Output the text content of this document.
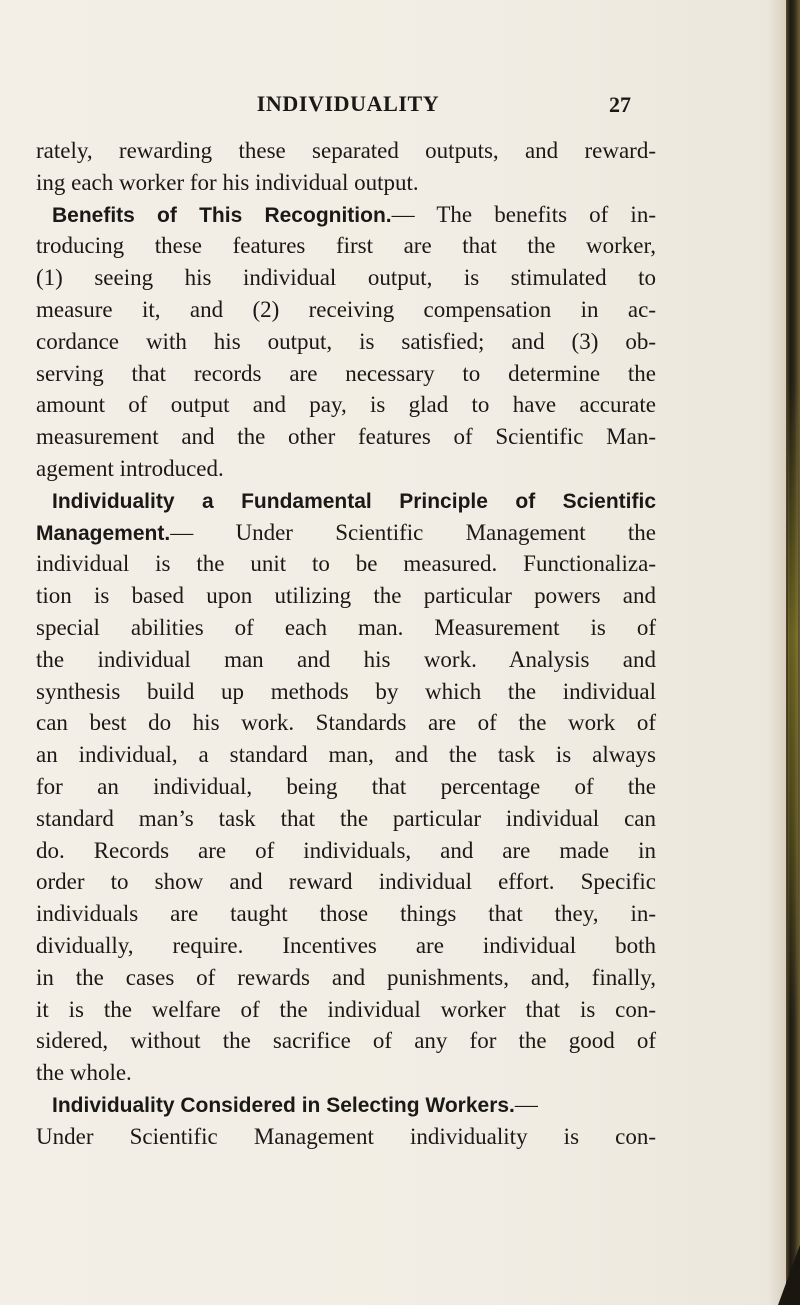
INDIVIDUALITY	27
rately, rewarding these separated outputs, and reward-
ing each worker for his individual output.
Benefits of This Recognition.— The benefits of in-
troducing these features first are that the worker,
(1) seeing his individual output, is stimulated to
measure it, and (2) receiving compensation in ac-
cordance with his output, is satisfied; and (3) ob-
serving that records are necessary to determine the
amount of output and pay, is glad to have accurate
measurement and the other features of Scientific Man-
agement introduced.
Individuality a Fundamental Principle of Scientific
Management.— Under Scientific Management the
individual is the unit to be measured. Functionaliza-
tion is based upon utilizing the particular powers and
special abilities of each man. Measurement is of
the individual man and his work. Analysis and
synthesis build up methods by which the individual
can best do his work. Standards are of the work of
an individual, a standard man, and the task is always
for an individual, being that percentage of the
standard man’s task that the particular individual can
do. Records are of individuals, and are made in
order to show and reward individual effort. Specific
individuals are taught those things that they, in-
dividually, require. Incentives are individual both
in the cases of rewards and punishments, and, finally,
it is the welfare of the individual worker that is con-
sidered, without the sacrifice of any for the good of
the whole.
Individuality Considered in Selecting Workers.—
Under Scientific Management individuality is con-
